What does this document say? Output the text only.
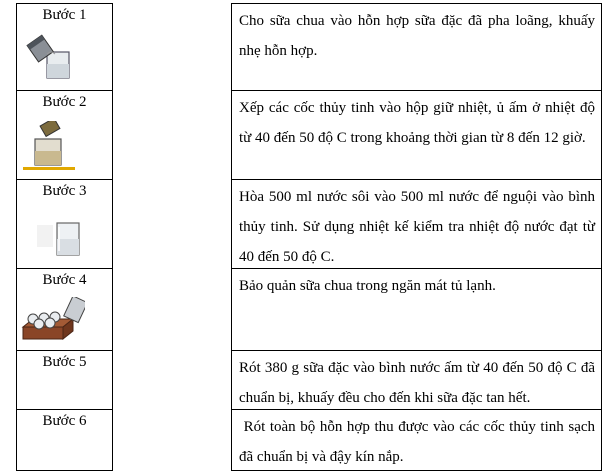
Bước 1	Cho sữa chua vào hỗn hợp sữa đặc đã pha loãng, khuấy nhẹ hỗn hợp.
Bước 2	Xếp các cốc thủy tinh vào hộp giữ nhiệt, ủ ấm ở nhiệt độ từ 40 đến 50 độ C trong khoảng thời gian từ 8 đến 12 giờ.
Bước 3	Hòa 500 ml nước sôi vào 500 ml nước để nguội vào bình thủy tinh. Sử dụng nhiệt kế kiểm tra nhiệt độ nước đạt từ 40 đến 50 độ C.
Bước 4	Bảo quản sữa chua trong ngăn mát tủ lạnh.
Bước 5	Rót 380 g sữa đặc vào bình nước ấm từ 40 đến 50 độ C đã chuẩn bị, khuấy đều cho đến khi sữa đặc tan hết.
Bước 6	Rót toàn bộ hỗn hợp thu được vào các cốc thủy tinh sạch đã chuẩn bị và đậy kín nắp.
